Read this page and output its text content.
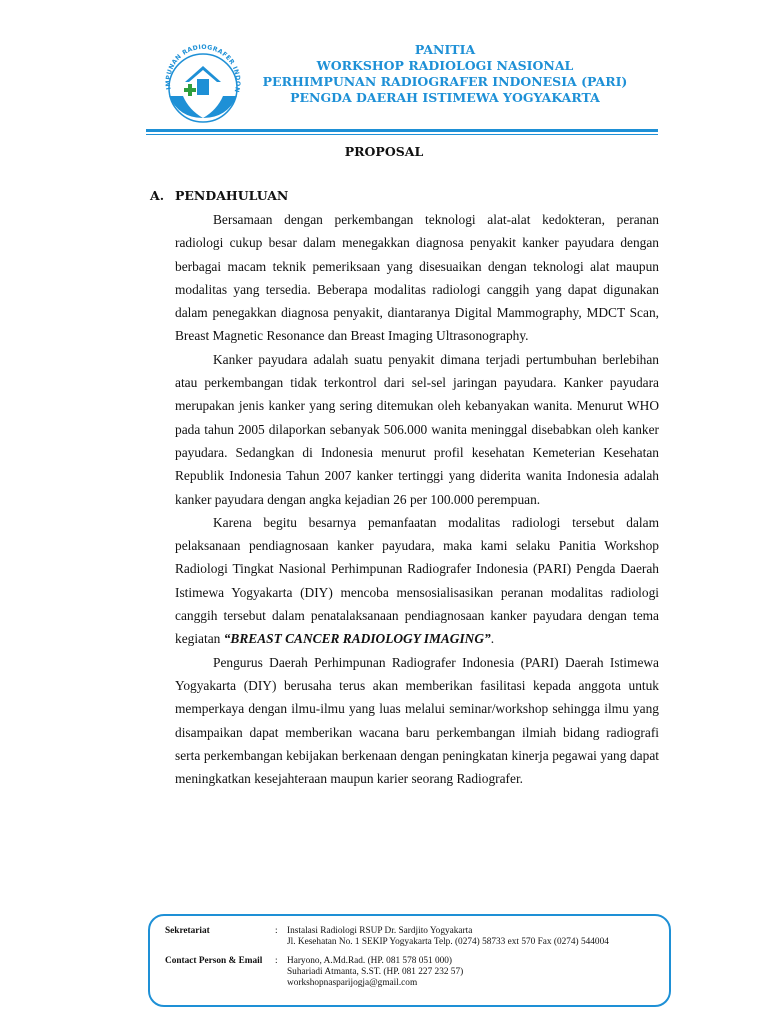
IMPUNAN RADIOGRAFER INDON
PANITIA
WORKSHOP RADIOLOGI NASIONAL
PERHIMPUNAN RADIOGRAFER INDONESIA (PARI)
PENGDA DAERAH ISTIMEWA YOGYAKARTA
PROPOSAL
A. PENDAHULUAN

Bersamaan dengan perkembangan teknologi alat-alat kedokteran, peranan radiologi cukup besar dalam menegakkan diagnosa penyakit kanker payudara dengan berbagai macam teknik pemeriksaan yang disesuaikan dengan teknologi alat maupun modalitas yang tersedia. Beberapa modalitas radiologi canggih yang dapat digunakan dalam penegakkan diagnosa penyakit, diantaranya Digital Mammography, MDCT Scan, Breast Magnetic Resonance dan Breast Imaging Ultrasonography.

Kanker payudara adalah suatu penyakit dimana terjadi pertumbuhan berlebihan atau perkembangan tidak terkontrol dari sel-sel jaringan payudara. Kanker payudara merupakan jenis kanker yang sering ditemukan oleh kebanyakan wanita. Menurut WHO pada tahun 2005 dilaporkan sebanyak 506.000 wanita meninggal disebabkan oleh kanker payudara. Sedangkan di Indonesia menurut profil kesehatan Kemeterian Kesehatan Republik Indonesia Tahun 2007 kanker tertinggi yang diderita wanita Indonesia adalah kanker payudara dengan angka kejadian 26 per 100.000 perempuan.

Karena begitu besarnya pemanfaatan modalitas radiologi tersebut dalam pelaksanaan pendiagnosaan kanker payudara, maka kami selaku Panitia Workshop Radiologi Tingkat Nasional Perhimpunan Radiografer Indonesia (PARI) Pengda Daerah Istimewa Yogyakarta (DIY) mencoba mensosialisasikan peranan modalitas radiologi canggih tersebut dalam penatalaksanaan pendiagnosaan kanker payudara dengan tema kegiatan “BREAST CANCER RADIOLOGY IMAGING”.

Pengurus Daerah Perhimpunan Radiografer Indonesia (PARI) Daerah Istimewa Yogyakarta (DIY) berusaha terus akan memberikan fasilitasi kepada anggota untuk memperkaya dengan ilmu-ilmu yang luas melalui seminar/workshop sehingga ilmu yang disampaikan dapat memberikan wacana baru perkembangan ilmiah bidang radiografi serta perkembangan kebijakan berkenaan dengan peningkatan kinerja pegawai yang dapat meningkatkan kesejahteraan maupun karier seorang Radiografer.

Sekretariat	: Instalasi Radiologi RSUP Dr. Sardjito Yogyakarta
Jl. Kesehatan No. 1 SEKIP Yogyakarta Telp. (0274) 58733 ext 570 Fax (0274) 544004
Contact Person & Email	: Haryono, A.Md.Rad. (HP. 081 578 051 000)
Suhariadi Atmanta, S.ST. (HP. 081 227 232 57)
workshopnasparijogja@gmail.com
